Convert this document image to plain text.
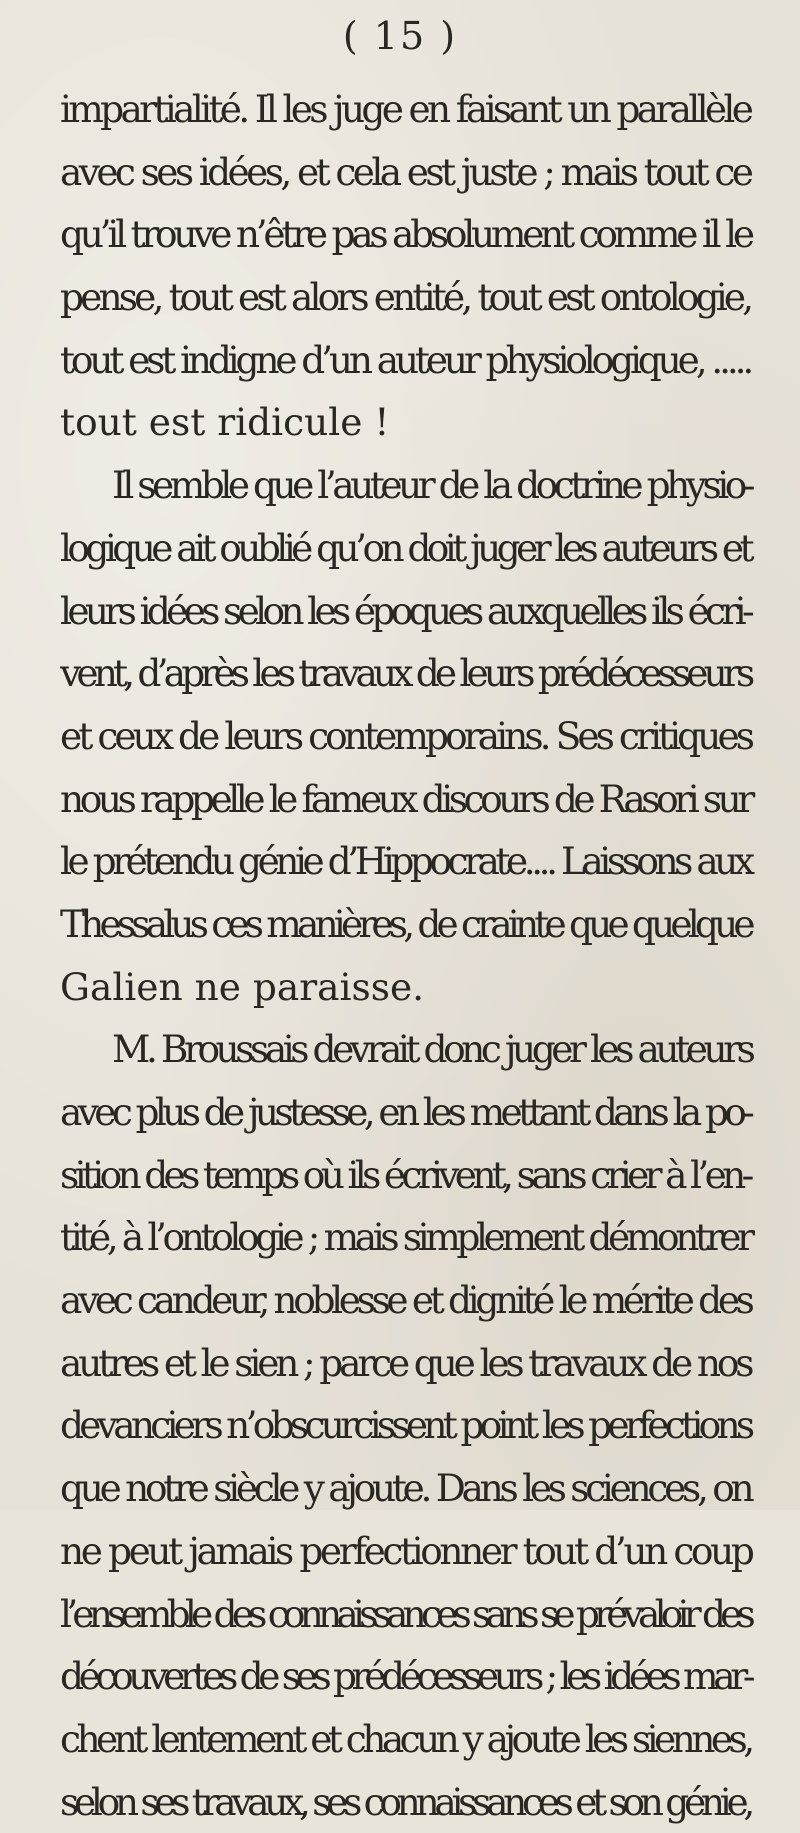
( 15 )
impartialité. Il les juge en faisant un parallèle
avec ses idées, et cela est juste ; mais tout ce
qu’il trouve n’être pas absolument comme il le
pense, tout est alors entité, tout est ontologie,
tout est indigne d’un auteur physiologique, .....
tout est ridicule !
Il semble que l’auteur de la doctrine physio-
logique ait oublié qu’on doit juger les auteurs et
leurs idées selon les époques auxquelles ils écri-
vent, d’après les travaux de leurs prédécesseurs
et ceux de leurs contemporains. Ses critiques
nous rappelle le fameux discours de Rasori sur
le prétendu génie d’Hippocrate.... Laissons aux
Thessalus ces manières, de crainte que quelque
Galien ne paraisse.
M. Broussais devrait donc juger les auteurs
avec plus de justesse, en les mettant dans la po-
sition des temps où ils écrivent, sans crier à l’en-
tité, à l’ontologie ; mais simplement démontrer
avec candeur, noblesse et dignité le mérite des
autres et le sien ; parce que les travaux de nos
devanciers n’obscurcissent point les perfections
que notre siècle y ajoute. Dans les sciences, on
ne peut jamais perfectionner tout d’un coup
l’ensemble des connaissances sans se prévaloir des
découvertes de ses prédécesseurs ; les idées mar-
chent lentement et chacun y ajoute les siennes,
selon ses travaux, ses connaissances et son génie,
